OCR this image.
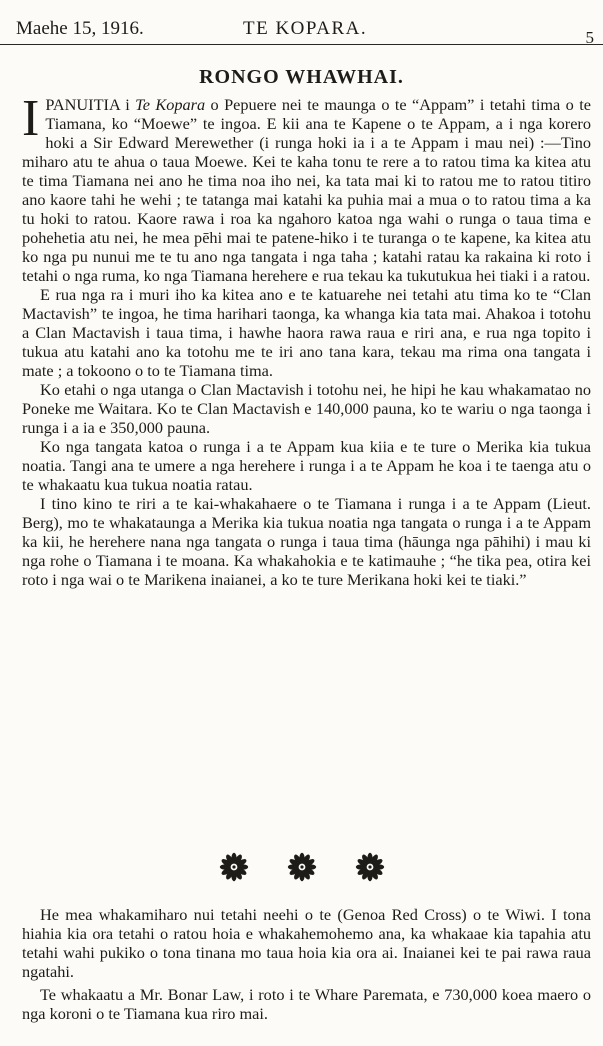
Maehe 15, 1916.	TE KOPARA.	5
RONGO WHAWHAI.

IPANUITIA i Te Kopara o Pepuere nei te maunga o te “Appam” i tetahi tima o te Tiamana, ko “Moewe” te ingoa. E kii ana te Kapene o te Appam, a i nga korero hoki a Sir Edward Merewether (i runga hoki ia i a te Appam i mau nei) :—Tino miharo atu te ahua o taua Moewe. Kei te kaha tonu te rere a to ratou tima ka kitea atu te tima Tiamana nei ano he tima noa iho nei, ka tata mai ki to ratou me to ratou titiro ano kaore tahi he wehi ; te tatanga mai katahi ka puhia mai a mua o to ratou tima a ka tu hoki to ratou. Kaore rawa i roa ka ngahoro katoa nga wahi o runga o taua tima e pohehetia atu nei, he mea pēhi mai te patene-hiko i te turanga o te kapene, ka kitea atu ko nga pu nunui me te tu ano nga tangata i nga taha ; katahi ratau ka rakaina ki roto i tetahi o nga ruma, ko nga Tiamana herehere e rua tekau ka tukutukua hei tiaki i a ratou.

E rua nga ra i muri iho ka kitea ano e te katuarehe nei tetahi atu tima ko te “Clan Mactavish” te ingoa, he tima harihari taonga, ka whanga kia tata mai. Ahakoa i totohu a Clan Mactavish i taua tima, i hawhe haora rawa raua e riri ana, e rua nga topito i tukua atu katahi ano ka totohu me te iri ano tana kara, tekau ma rima ona tangata i mate ; a tokoono o to te Tiamana tima.

Ko etahi o nga utanga o Clan Mactavish i totohu nei, he hipi he kau whakamatao no Poneke me Waitara. Ko te Clan Mactavish e 140,000 pauna, ko te wariu o nga taonga i runga i a ia e 350,000 pauna.

Ko nga tangata katoa o runga i a te Appam kua kiia e te ture o Merika kia tukua noatia. Tangi ana te umere a nga herehere i runga i a te Appam he koa i te taenga atu o te whakaatu kua tukua noatia ratau.

I tino kino te riri a te kai-whakahaere o te Tiamana i runga i a te Appam (Lieut. Berg), mo te whakataunga a Merika kia tukua noatia nga tangata o runga i a te Appam ka kii, he herehere nana nga tangata o runga i taua tima (hāunga nga pāhihi) i mau ki nga rohe o Tiamana i te moana. Ka whakahokia e te katimauhe ; “he tika pea, otira kei roto i nga wai o te Marikena inaianei, a ko te ture Merikana hoki kei te tiaki.”

He mea whakamiharo nui tetahi neehi o te (Genoa Red Cross) o te Wiwi. I tona hiahia kia ora tetahi o ratou hoia e whakahemohemo ana, ka whakaae kia tapahia atu tetahi wahi pukiko o tona tinana mo taua hoia kia ora ai. Inaianei kei te pai rawa raua ngatahi.

Te whakaatu a Mr. Bonar Law, i roto i te Whare Paremata, e 730,000 koea maero o nga koroni o te Tiamana kua riro mai.
